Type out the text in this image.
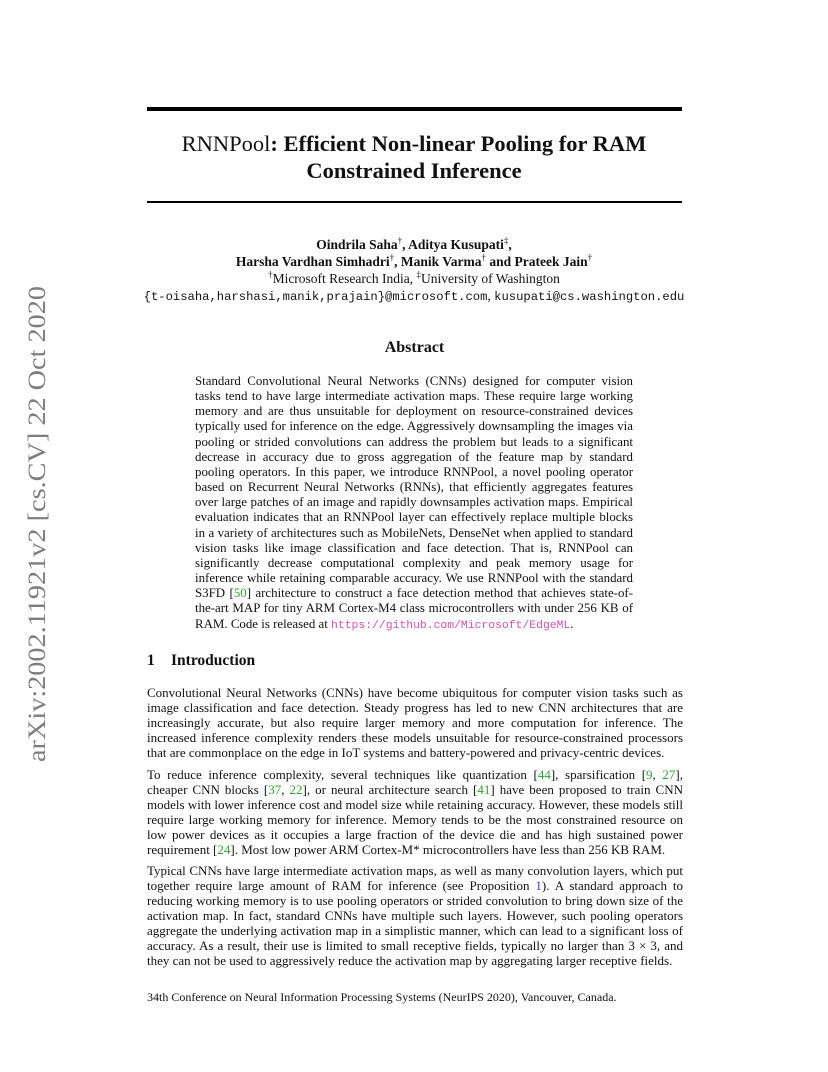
arXiv:2002.11921v2 [cs.CV] 22 Oct 2020
RNNPool: Efficient Non-linear Pooling for RAM Constrained Inference
Oindrila Saha†, Aditya Kusupati‡,
Harsha Vardhan Simhadri†, Manik Varma† and Prateek Jain†
†Microsoft Research India, ‡University of Washington
{t-oisaha,harshasi,manik,prajain}@microsoft.com, kusupati@cs.washington.edu
Abstract

Standard Convolutional Neural Networks (CNNs) designed for computer vision tasks tend to have large intermediate activation maps. These require large working memory and are thus unsuitable for deployment on resource-constrained devices typically used for inference on the edge. Aggressively downsampling the images via pooling or strided convolutions can address the problem but leads to a significant decrease in accuracy due to gross aggregation of the feature map by standard pooling operators. In this paper, we introduce RNNPool, a novel pooling operator based on Recurrent Neural Networks (RNNs), that efficiently aggregates features over large patches of an image and rapidly downsamples activation maps. Empirical evaluation indicates that an RNNPool layer can effectively replace multiple blocks in a variety of architectures such as MobileNets, DenseNet when applied to standard vision tasks like image classification and face detection. That is, RNNPool can significantly decrease computational complexity and peak memory usage for inference while retaining comparable accuracy. We use RNNPool with the standard S3FD [50] architecture to construct a face detection method that achieves state-of-the-art MAP for tiny ARM Cortex-M4 class microcontrollers with under 256 KB of RAM. Code is released at https://github.com/Microsoft/EdgeML.

1 Introduction

Convolutional Neural Networks (CNNs) have become ubiquitous for computer vision tasks such as image classification and face detection. Steady progress has led to new CNN architectures that are increasingly accurate, but also require larger memory and more computation for inference. The increased inference complexity renders these models unsuitable for resource-constrained processors that are commonplace on the edge in IoT systems and battery-powered and privacy-centric devices.

To reduce inference complexity, several techniques like quantization [44], sparsification [9, 27], cheaper CNN blocks [37, 22], or neural architecture search [41] have been proposed to train CNN models with lower inference cost and model size while retaining accuracy. However, these models still require large working memory for inference. Memory tends to be the most constrained resource on low power devices as it occupies a large fraction of the device die and has high sustained power requirement [24]. Most low power ARM Cortex-M* microcontrollers have less than 256 KB RAM.

Typical CNNs have large intermediate activation maps, as well as many convolution layers, which put together require large amount of RAM for inference (see Proposition 1). A standard approach to reducing working memory is to use pooling operators or strided convolution to bring down size of the activation map. In fact, standard CNNs have multiple such layers. However, such pooling operators aggregate the underlying activation map in a simplistic manner, which can lead to a significant loss of accuracy. As a result, their use is limited to small receptive fields, typically no larger than 3 × 3, and they can not be used to aggressively reduce the activation map by aggregating larger receptive fields.

34th Conference on Neural Information Processing Systems (NeurIPS 2020), Vancouver, Canada.
